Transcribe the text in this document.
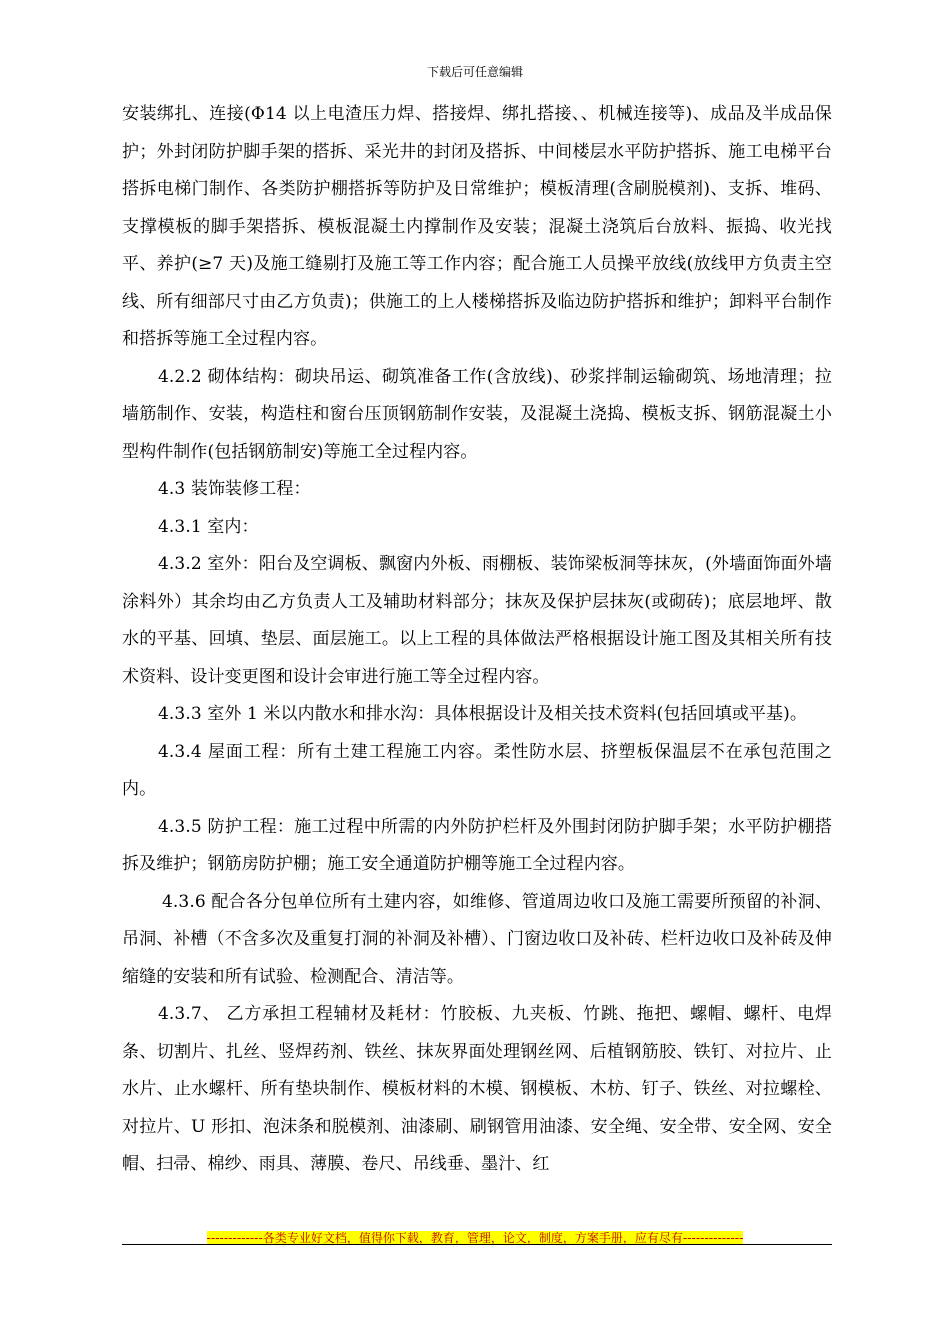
下载后可任意编辑

安装绑扎、连接(Φ14 以上电渣压力焊、搭接焊、绑扎搭接、、机械连接等)、成品及半成品保护；外封闭防护脚手架的搭拆、采光井的封闭及搭拆、中间楼层水平防护搭拆、施工电梯平台搭拆电梯门制作、各类防护棚搭拆等防护及日常维护；模板清理(含刷脱模剂)、支拆、堆码、支撑模板的脚手架搭拆、模板混凝土内撑制作及安装；混凝土浇筑后台放料、振捣、收光找平、养护(≥7 天)及施工缝剔打及施工等工作内容；配合施工人员操平放线(放线甲方负责主空线、所有细部尺寸由乙方负责)；供施工的上人楼梯搭拆及临边防护搭拆和维护；卸料平台制作和搭拆等施工全过程内容。

4.2.2 砌体结构：砌块吊运、砌筑准备工作(含放线)、砂浆拌制运输砌筑、场地清理；拉墙筋制作、安装，构造柱和窗台压顶钢筋制作安装，及混凝土浇捣、模板支拆、钢筋混凝土小型构件制作(包括钢筋制安)等施工全过程内容。

4.3 装饰装修工程：

4.3.1 室内：

4.3.2 室外：阳台及空调板、飘窗内外板、雨棚板、装饰梁板洞等抹灰，(外墙面饰面外墙涂料外）其余均由乙方负责人工及辅助材料部分；抹灰及保护层抹灰(或砌砖)；底层地坪、散水的平基、回填、垫层、面层施工。以上工程的具体做法严格根据设计施工图及其相关所有技术资料、设计变更图和设计会审进行施工等全过程内容。

4.3.3 室外 1 米以内散水和排水沟：具体根据设计及相关技术资料(包括回填或平基)。

4.3.4 屋面工程：所有土建工程施工内容。柔性防水层、挤塑板保温层不在承包范围之内。

4.3.5 防护工程：施工过程中所需的内外防护栏杆及外围封闭防护脚手架；水平防护棚搭拆及维护；钢筋房防护棚；施工安全通道防护棚等施工全过程内容。

4.3.6 配合各分包单位所有土建内容，如维修、管道周边收口及施工需要所预留的补洞、吊洞、补槽（不含多次及重复打洞的补洞及补槽）、门窗边收口及补砖、栏杆边收口及补砖及伸缩缝的安装和所有试验、检测配合、清洁等。

4.3.7、 乙方承担工程辅材及耗材：竹胶板、九夹板、竹跳、拖把、螺帽、螺杆、电焊条、切割片、扎丝、竖焊药剂、铁丝、抹灰界面处理钢丝网、后植钢筋胶、铁钉、对拉片、止水片、止水螺杆、所有垫块制作、模板材料的木模、钢模板、木枋、钉子、铁丝、对拉螺栓、对拉片、U 形扣、泡沫条和脱模剂、油漆刷、刷钢管用油漆、安全绳、安全带、安全网、安全帽、扫帚、棉纱、雨具、薄膜、卷尺、吊线垂、墨汁、红

-------------各类专业好文档，值得你下载，教育，管理，论文，制度，方案手册，应有尽有--------------
